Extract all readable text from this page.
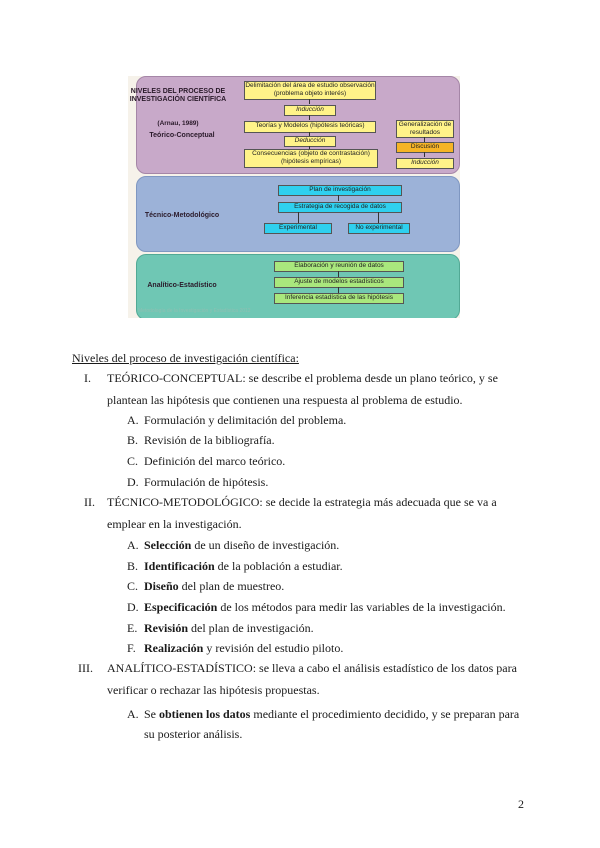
NIVELES DEL PROCESO DE INVESTIGACIÓN CIENTÍFICA
(Arnau, 1989)
Teórico-Conceptual
Técnico-Metodológico
Analítico-Estadístico
Delimitación del área de estudio observación (problema objeto interés)
Inducción
Teorías y Modelos (hipótesis teóricas)
Deducción
Consecuencias (objeto de contrastación) (hipótesis empíricas)
Generalización de resultados
Discusión
Inducción
Plan de investigación
Estrategia de recogida de datos
Experimental	No experimental
Elaboración y reunión de datos
Ajuste de modelos estadísticos
Inferencia estadística de las hipótesis
Metodología de la Investigación y Estadística 2012
Niveles del proceso de investigación científica:
I.	TEÓRICO-CONCEPTUAL: se describe el problema desde un plano teórico, y se
plantean las hipótesis que contienen una respuesta al problema de estudio.
A. Formulación y delimitación del problema.
B. Revisión de la bibliografía.
C. Definición del marco teórico.
D. Formulación de hipótesis.
II.	TÉCNICO-METODOLÓGICO: se decide la estrategia más adecuada que se va a
emplear en la investigación.
A. Selección de un diseño de investigación.
B. Identificación de la población a estudiar.
C. Diseño del plan de muestreo.
D. Especificación de los métodos para medir las variables de la investigación.
E. Revisión del plan de investigación.
F. Realización y revisión del estudio piloto.
III.	ANALÍTICO-ESTADÍSTICO: se lleva a cabo el análisis estadístico de los datos para
verificar o rechazar las hipótesis propuestas.
A. Se obtienen los datos mediante el procedimiento decidido, y se preparan para
su posterior análisis.
2
